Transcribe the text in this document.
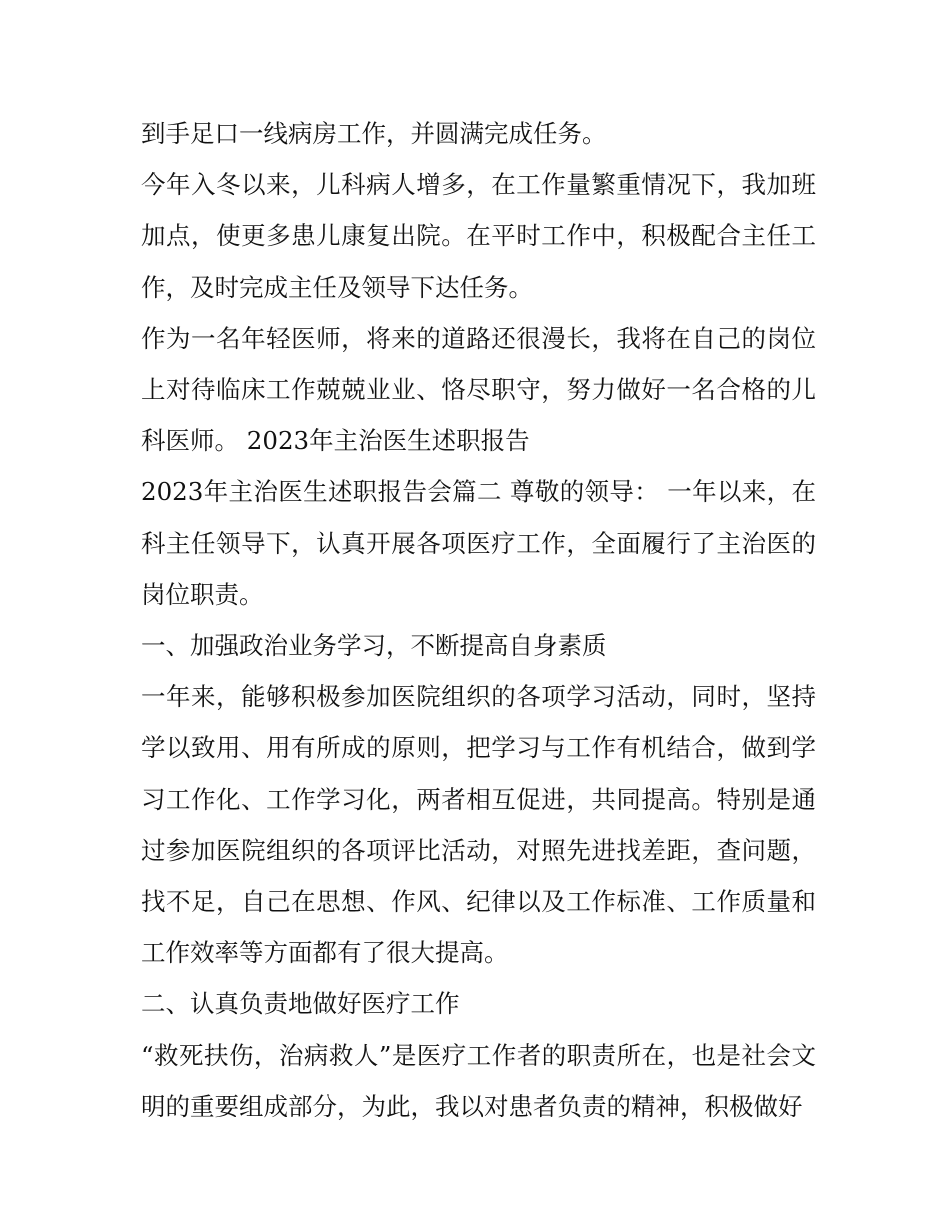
到手足口一线病房工作，并圆满完成任务。

今年入冬以来，儿科病人增多，在工作量繁重情况下，我加班加点，使更多患儿康复出院。在平时工作中，积极配合主任工作，及时完成主任及领导下达任务。

作为一名年轻医师，将来的道路还很漫长，我将在自己的岗位上对待临床工作兢兢业业、恪尽职守，努力做好一名合格的儿科医师。 2023年主治医生述职报告

2023年主治医生述职报告会篇二 尊敬的领导： 一年以来，在科主任领导下，认真开展各项医疗工作，全面履行了主治医的岗位职责。

一、加强政治业务学习，不断提高自身素质

一年来，能够积极参加医院组织的各项学习活动，同时，坚持学以致用、用有所成的原则，把学习与工作有机结合，做到学习工作化、工作学习化，两者相互促进，共同提高。特别是通过参加医院组织的各项评比活动，对照先进找差距，查问题，找不足，自己在思想、作风、纪律以及工作标准、工作质量和工作效率等方面都有了很大提高。

二、认真负责地做好医疗工作

“救死扶伤，治病救人”是医疗工作者的职责所在，也是社会文明的重要组成部分，为此，我以对患者负责的精神，积极做好
